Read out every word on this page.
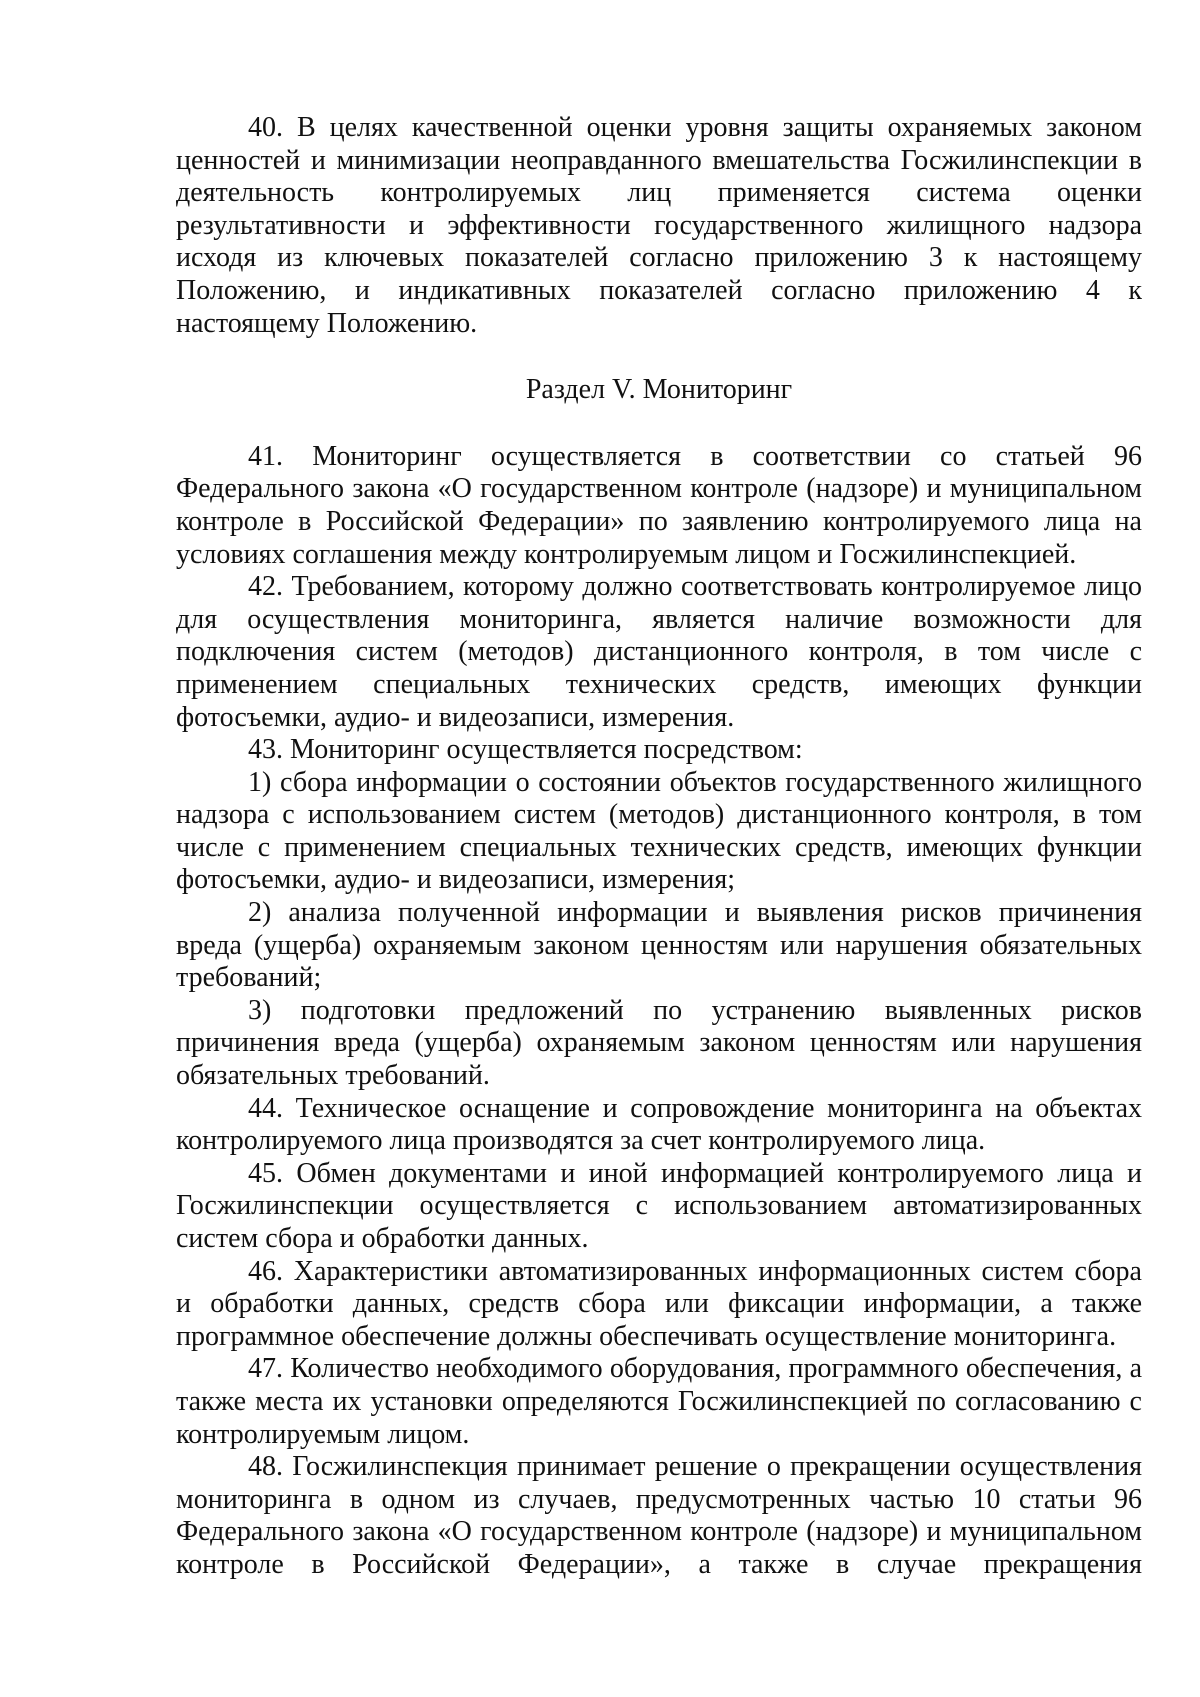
40. В целях качественной оценки уровня защиты охраняемых законом ценностей и минимизации неоправданного вмешательства Госжилинспекции в деятельность контролируемых лиц применяется система оценки результативности и эффективности государственного жилищного надзора исходя из ключевых показателей согласно приложению 3 к настоящему Положению, и индикативных показателей согласно приложению 4 к настоящему Положению.

Раздел V. Мониторинг

41. Мониторинг осуществляется в соответствии со статьей 96 Федерального закона «О государственном контроле (надзоре) и муниципальном контроле в Российской Федерации» по заявлению контролируемого лица на условиях соглашения между контролируемым лицом и Госжилинспекцией.

42. Требованием, которому должно соответствовать контролируемое лицо для осуществления мониторинга, является наличие возможности для подключения систем (методов) дистанционного контроля, в том числе с применением специальных технических средств, имеющих функции фотосъемки, аудио- и видеозаписи, измерения.

43. Мониторинг осуществляется посредством:

1) сбора информации о состоянии объектов государственного жилищного надзора с использованием систем (методов) дистанционного контроля, в том числе с применением специальных технических средств, имеющих функции фотосъемки, аудио- и видеозаписи, измерения;

2) анализа полученной информации и выявления рисков причинения вреда (ущерба) охраняемым законом ценностям или нарушения обязательных требований;

3) подготовки предложений по устранению выявленных рисков причинения вреда (ущерба) охраняемым законом ценностям или нарушения обязательных требований.

44. Техническое оснащение и сопровождение мониторинга на объектах контролируемого лица производятся за счет контролируемого лица.

45. Обмен документами и иной информацией контролируемого лица и Госжилинспекции осуществляется с использованием автоматизированных систем сбора и обработки данных.

46. Характеристики автоматизированных информационных систем сбора и обработки данных, средств сбора или фиксации информации, а также программное обеспечение должны обеспечивать осуществление мониторинга.

47. Количество необходимого оборудования, программного обеспечения, а также места их установки определяются Госжилинспекцией по согласованию с контролируемым лицом.

48. Госжилинспекция принимает решение о прекращении осуществления мониторинга в одном из случаев, предусмотренных частью 10 статьи 96 Федерального закона «О государственном контроле (надзоре) и муниципальном контроле в Российской Федерации», а также в случае прекращения
